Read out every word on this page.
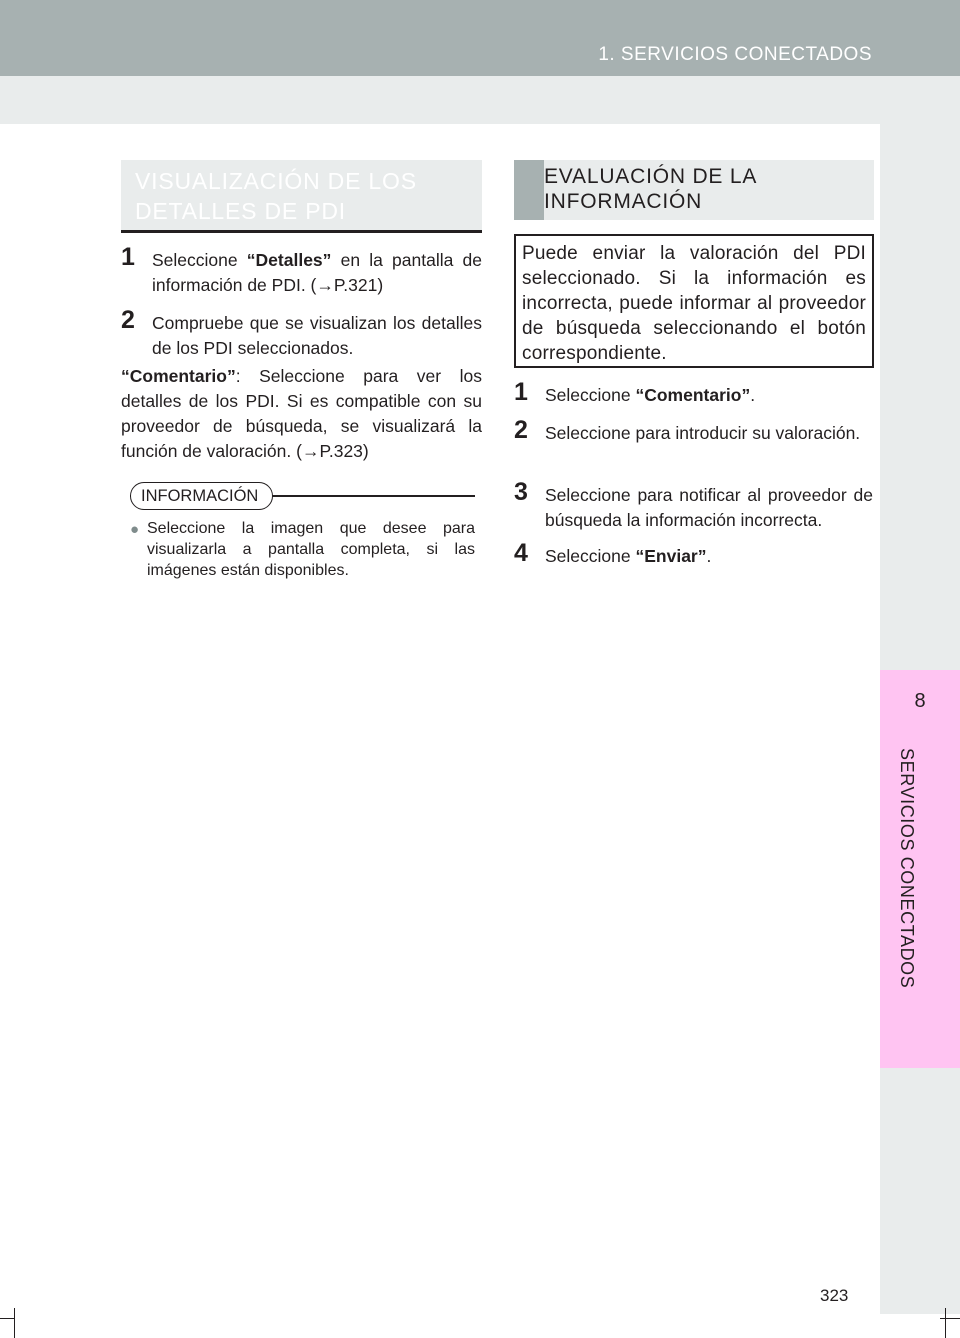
1. SERVICIOS CONECTADOS
8
SERVICIOS CONECTADOS
VISUALIZACIÓN DE LOS
DETALLES DE PDI
1 Seleccione “Detalles” en la pantalla de información de PDI. (→P.321)
2 Compruebe que se visualizan los detalles de los PDI seleccionados.
“Comentario”: Seleccione para ver los detalles de los PDI. Si es compatible con su proveedor de búsqueda, se visualizará la función de valoración. (→P.323)
INFORMACIÓN
● Seleccione la imagen que desee para visualizarla a pantalla completa, si las imágenes están disponibles.
EVALUACIÓN DE LA
INFORMACIÓN
Puede enviar la valoración del PDI seleccionado. Si la información es incorrecta, puede informar al proveedor de búsqueda seleccionando el botón correspondiente.
1 Seleccione “Comentario”.
2 Seleccione para introducir su valoración.
3 Seleccione para notificar al proveedor de búsqueda la información incorrecta.
4 Seleccione “Enviar”.
323
